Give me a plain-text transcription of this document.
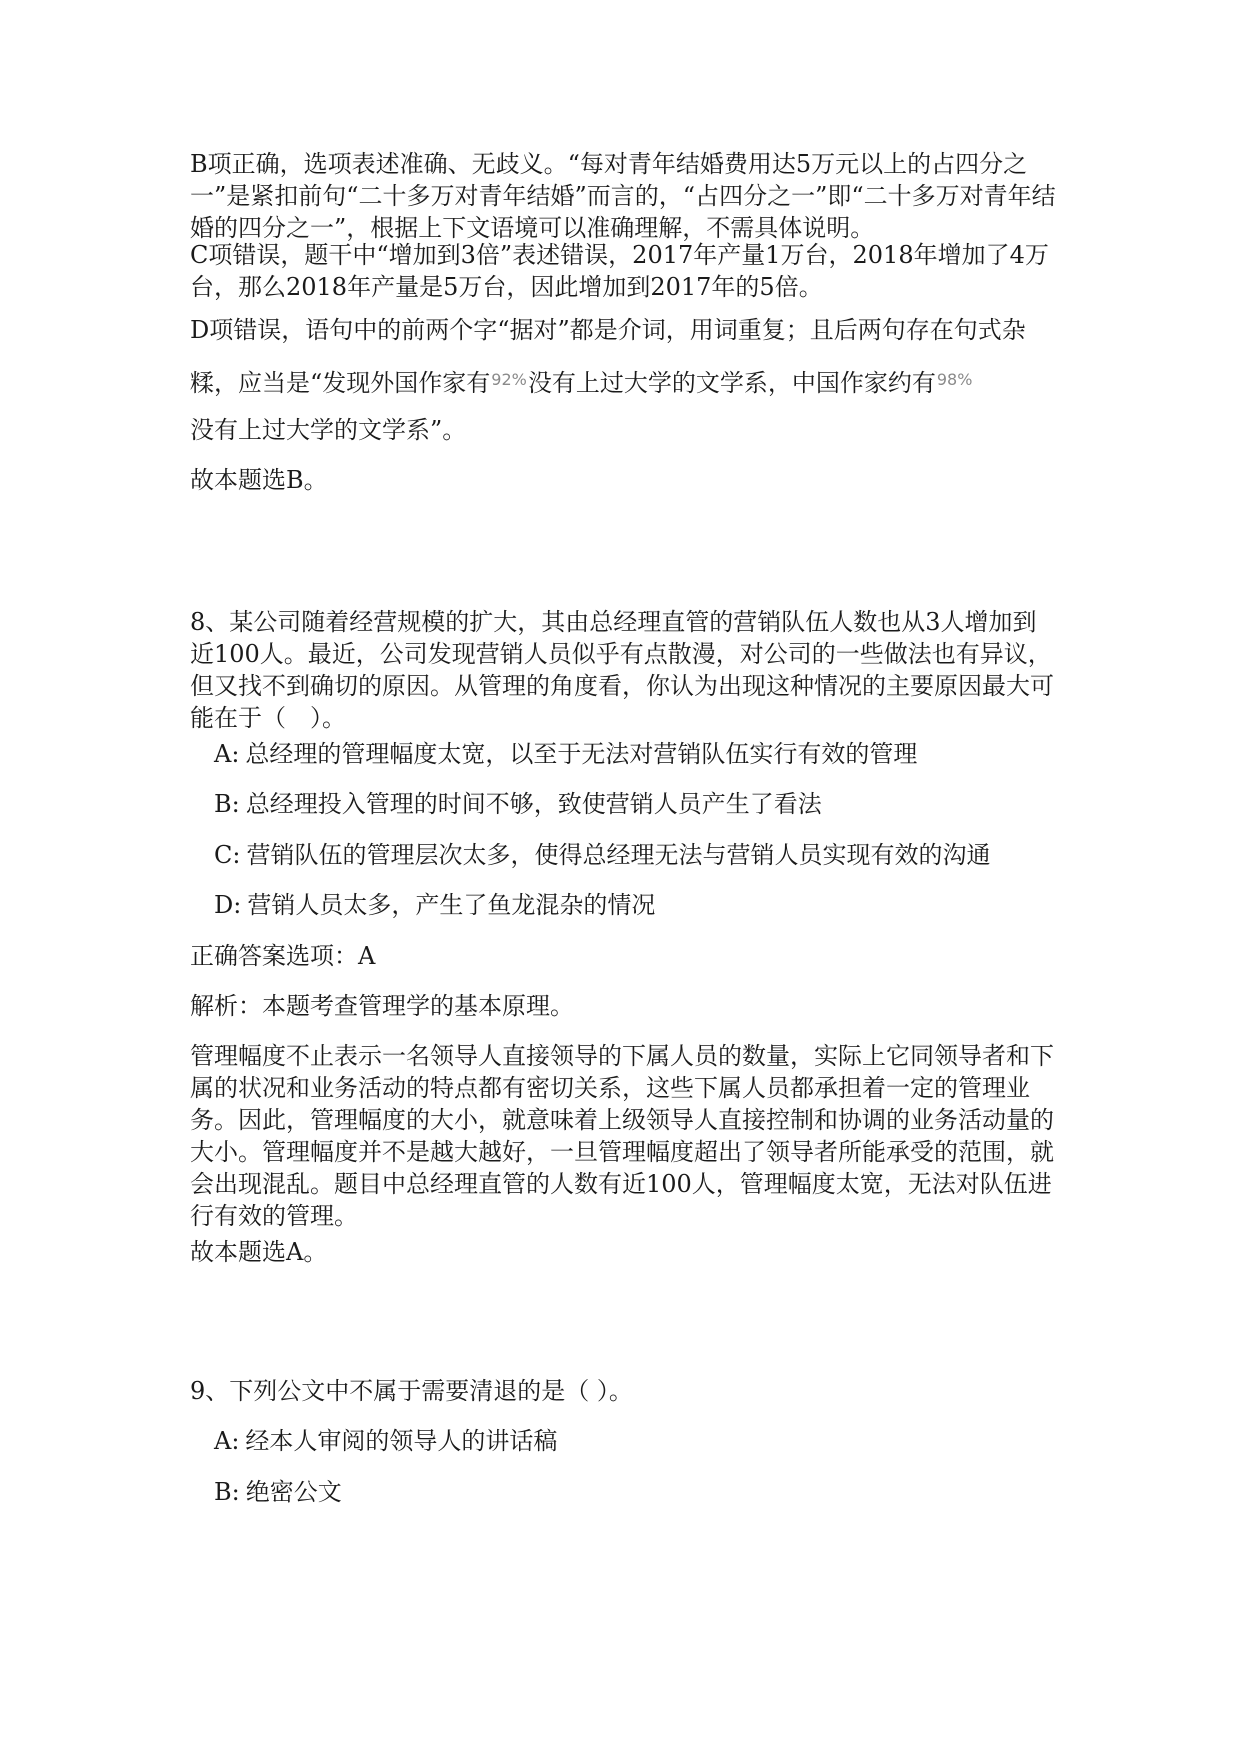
B项正确，选项表述准确、无歧义。“每对青年结婚费用达5万元以上的占四分之一”是紧扣前句“二十多万对青年结婚”而言的，“占四分之一”即“二十多万对青年结婚的四分之一”，根据上下文语境可以准确理解，不需具体说明。

C项错误，题干中“增加到3倍”表述错误，2017年产量1万台，2018年增加了4万台，那么2018年产量是5万台，因此增加到2017年的5倍。

D项错误，语句中的前两个字“据对”都是介词，用词重复；且后两句存在句式杂

糅，应当是“发现外国作家有$^{92\%}$没有上过大学的文学系，中国作家约有$^{98\%}$

没有上过大学的文学系”。

故本题选B。

8、某公司随着经营规模的扩大，其由总经理直管的营销队伍人数也从3人增加到近100人。最近，公司发现营销人员似乎有点散漫，对公司的一些做法也有异议，但又找不到确切的原因。从管理的角度看，你认为出现这种情况的主要原因最大可能在于（　）。

A: 总经理的管理幅度太宽，以至于无法对营销队伍实行有效的管理

B: 总经理投入管理的时间不够，致使营销人员产生了看法

C: 营销队伍的管理层次太多，使得总经理无法与营销人员实现有效的沟通

D: 营销人员太多，产生了鱼龙混杂的情况

正确答案选项：A

解析：本题考查管理学的基本原理。

管理幅度不止表示一名领导人直接领导的下属人员的数量，实际上它同领导者和下属的状况和业务活动的特点都有密切关系，这些下属人员都承担着一定的管理业务。因此，管理幅度的大小，就意味着上级领导人直接控制和协调的业务活动量的大小。管理幅度并不是越大越好，一旦管理幅度超出了领导者所能承受的范围，就会出现混乱。题目中总经理直管的人数有近100人，管理幅度太宽，无法对队伍进行有效的管理。

故本题选A。

9、下列公文中不属于需要清退的是（ ）。

A: 经本人审阅的领导人的讲话稿

B: 绝密公文
